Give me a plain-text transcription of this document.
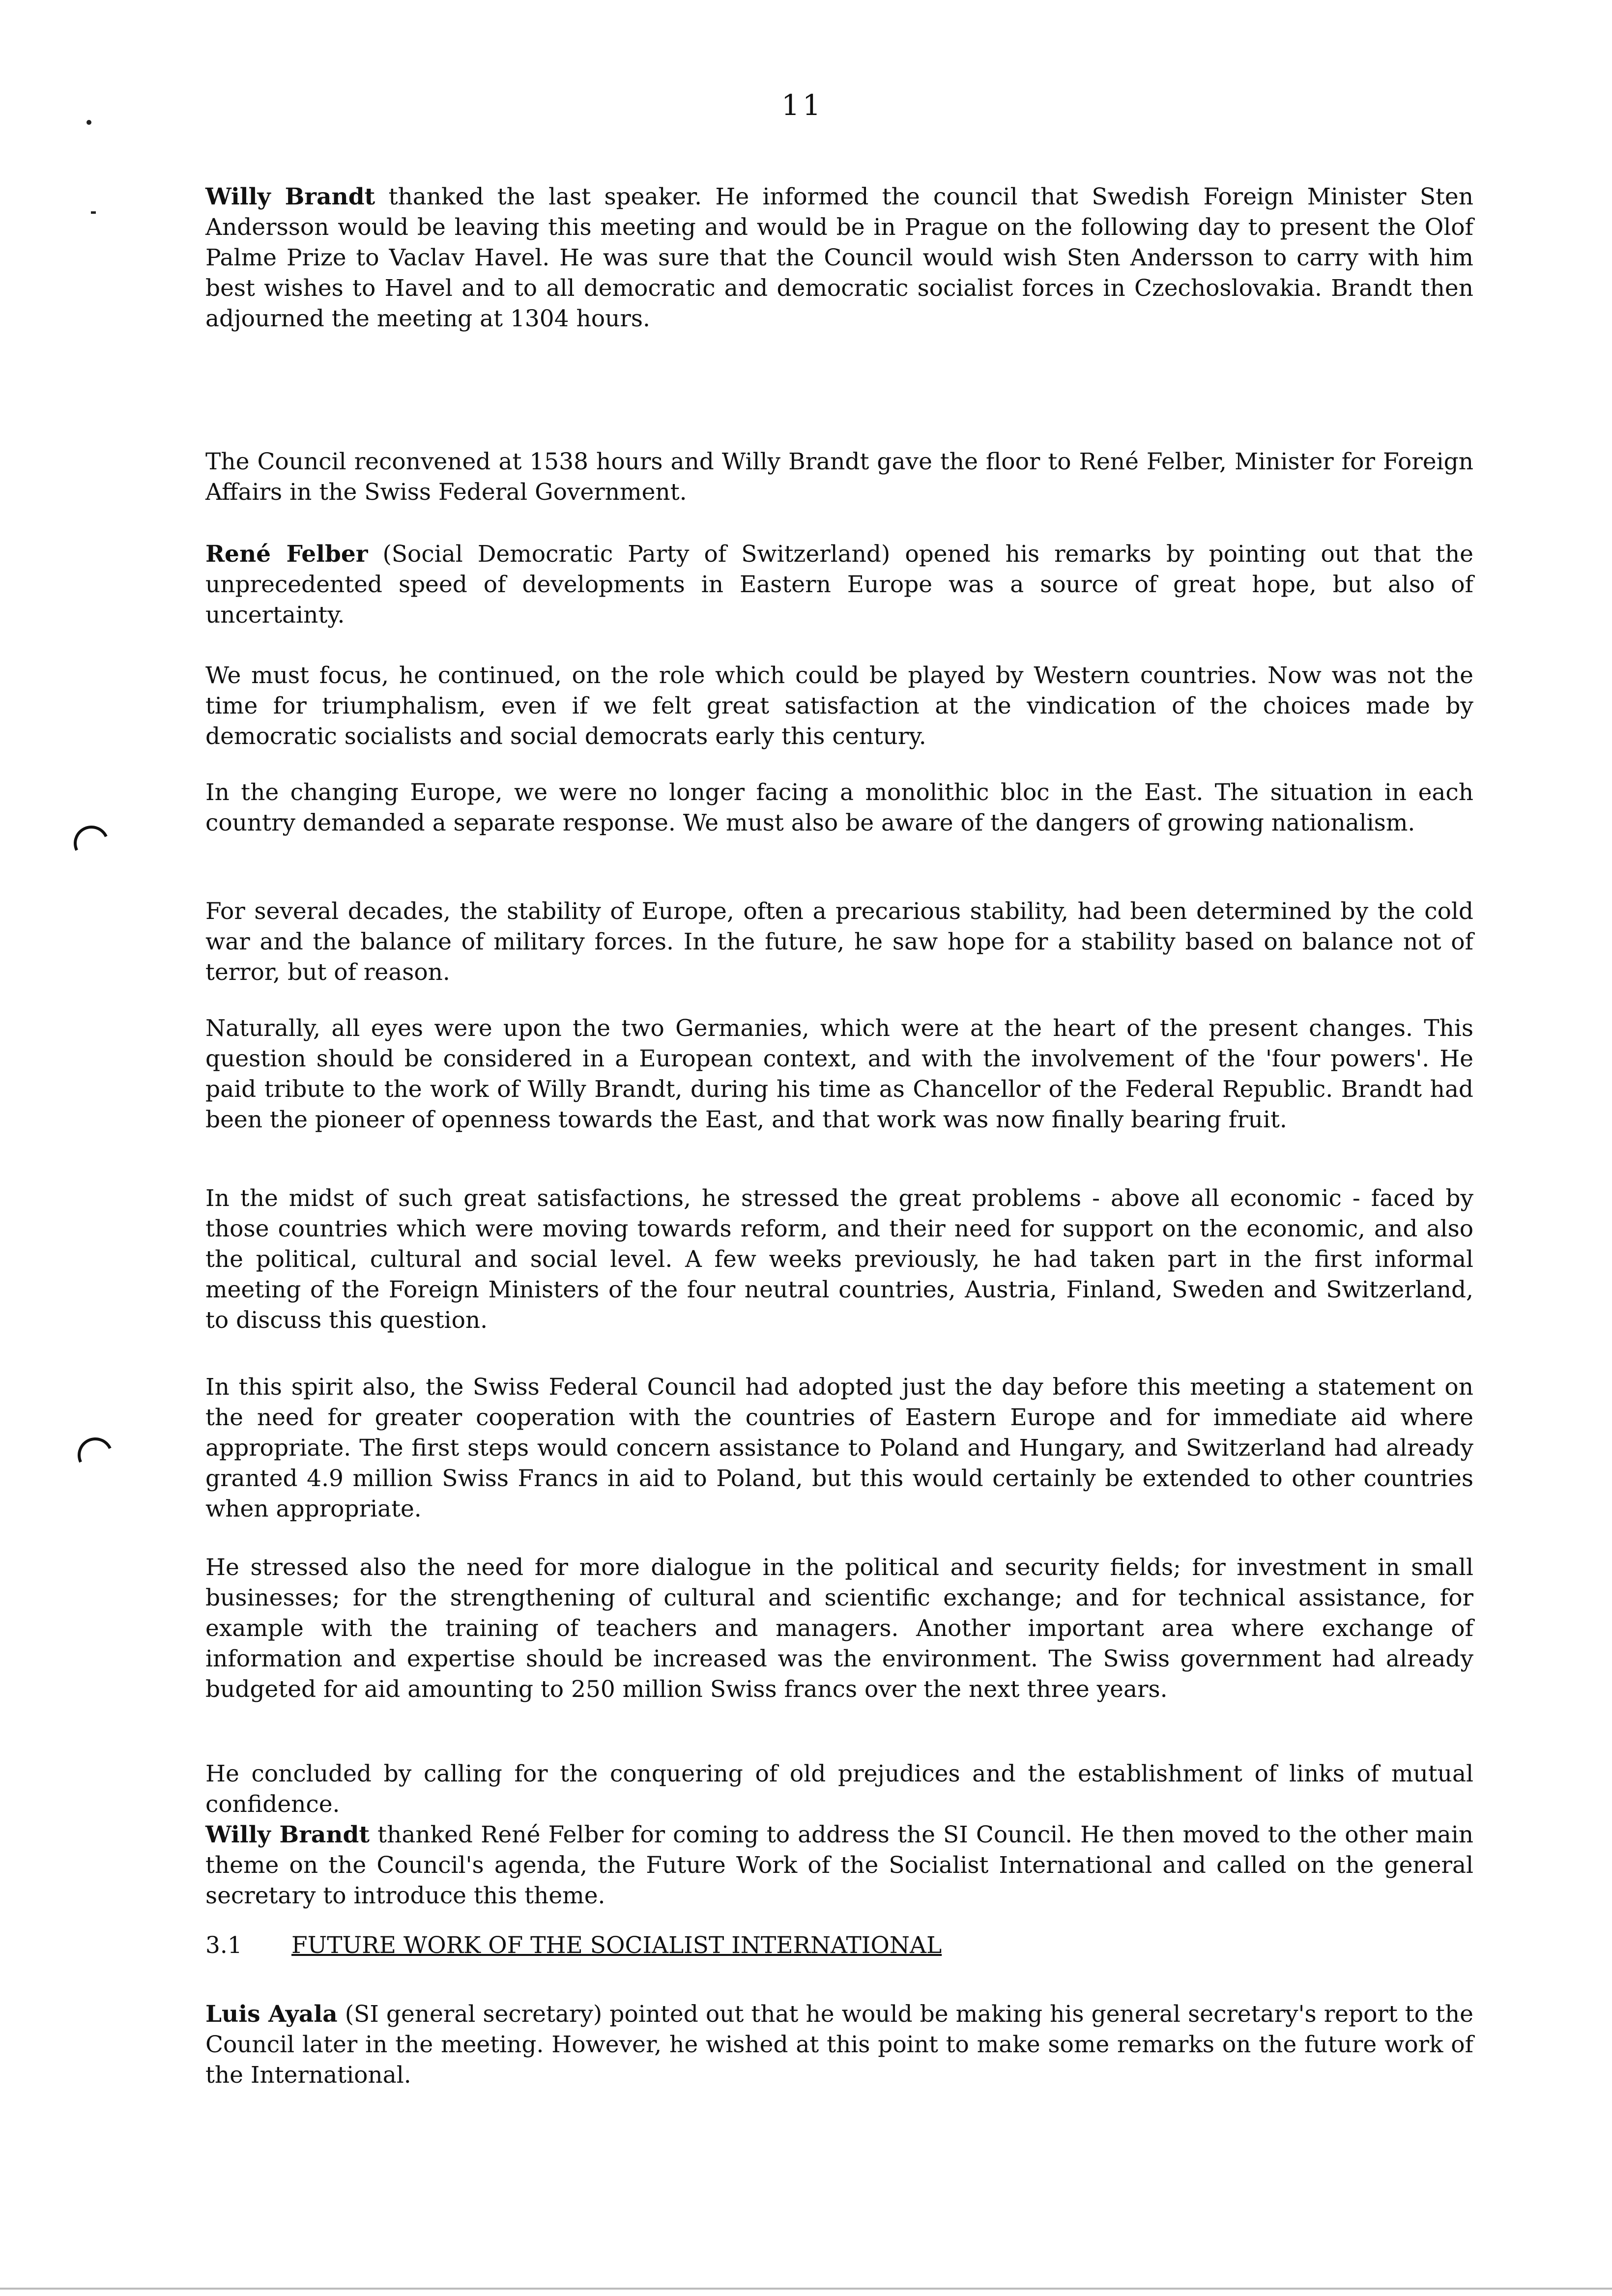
11

Willy Brandt thanked the last speaker. He informed the council that Swedish Foreign Minister Sten Andersson would be leaving this meeting and would be in Prague on the following day to present the Olof Palme Prize to Vaclav Havel. He was sure that the Council would wish Sten Andersson to carry with him best wishes to Havel and to all democratic and democratic socialist forces in Czechoslovakia. Brandt then adjourned the meeting at 1304 hours.

The Council reconvened at 1538 hours and Willy Brandt gave the floor to René Felber, Minister for Foreign Affairs in the Swiss Federal Government.

René Felber (Social Democratic Party of Switzerland) opened his remarks by pointing out that the unprecedented speed of developments in Eastern Europe was a source of great hope, but also of uncertainty.

We must focus, he continued, on the role which could be played by Western countries. Now was not the time for triumphalism, even if we felt great satisfaction at the vindication of the choices made by democratic socialists and social democrats early this century.

In the changing Europe, we were no longer facing a monolithic bloc in the East. The situation in each country demanded a separate response. We must also be aware of the dangers of growing nationalism.

For several decades, the stability of Europe, often a precarious stability, had been determined by the cold war and the balance of military forces. In the future, he saw hope for a stability based on balance not of terror, but of reason.

Naturally, all eyes were upon the two Germanies, which were at the heart of the present changes. This question should be considered in a European context, and with the involvement of the 'four powers'. He paid tribute to the work of Willy Brandt, during his time as Chancellor of the Federal Republic. Brandt had been the pioneer of openness towards the East, and that work was now finally bearing fruit.

In the midst of such great satisfactions, he stressed the great problems - above all economic - faced by those countries which were moving towards reform, and their need for support on the economic, and also the political, cultural and social level. A few weeks previously, he had taken part in the first informal meeting of the Foreign Ministers of the four neutral countries, Austria, Finland, Sweden and Switzerland, to discuss this question.

In this spirit also, the Swiss Federal Council had adopted just the day before this meeting a statement on the need for greater cooperation with the countries of Eastern Europe and for immediate aid where appropriate. The first steps would concern assistance to Poland and Hungary, and Switzerland had already granted 4.9 million Swiss Francs in aid to Poland, but this would certainly be extended to other countries when appropriate.

He stressed also the need for more dialogue in the political and security fields; for investment in small businesses; for the strengthening of cultural and scientific exchange; and for technical assistance, for example with the training of teachers and managers. Another important area where exchange of information and expertise should be increased was the environment. The Swiss government had already budgeted for aid amounting to 250 million Swiss francs over the next three years.

He concluded by calling for the conquering of old prejudices and the establishment of links of mutual confidence.

Willy Brandt thanked René Felber for coming to address the SI Council. He then moved to the other main theme on the Council's agenda, the Future Work of the Socialist International and called on the general secretary to introduce this theme.

3.1 FUTURE WORK OF THE SOCIALIST INTERNATIONAL

Luis Ayala (SI general secretary) pointed out that he would be making his general secretary's report to the Council later in the meeting. However, he wished at this point to make some remarks on the future work of the International.
